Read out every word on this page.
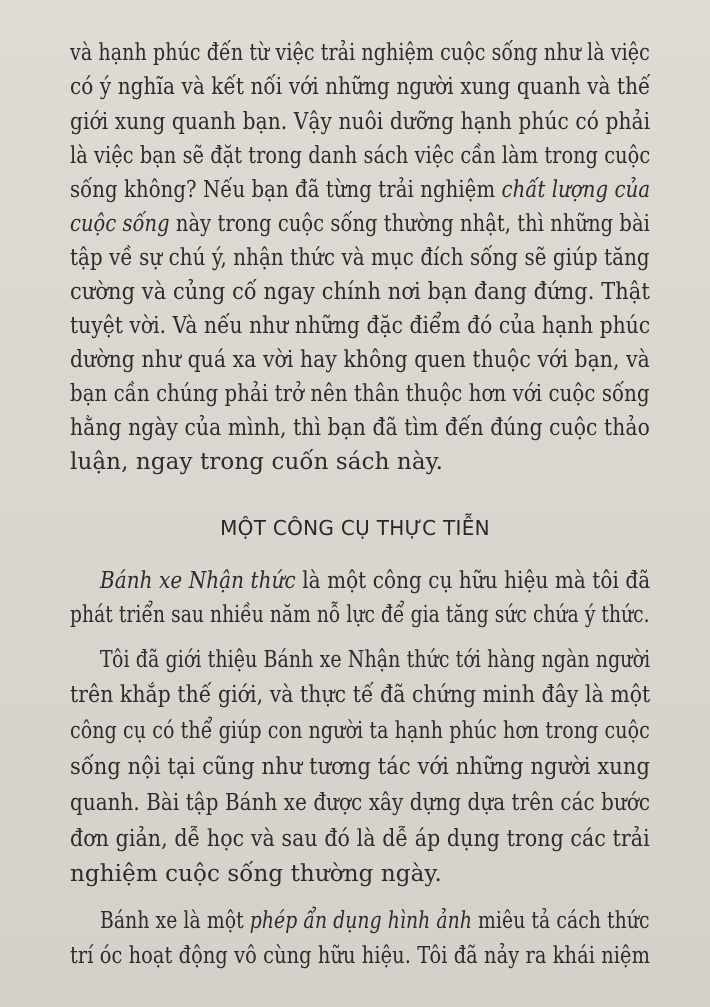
và hạnh phúc đến từ việc trải nghiệm cuộc sống như là việc
có ý nghĩa và kết nối với những người xung quanh và thế
giới xung quanh bạn. Vậy nuôi dưỡng hạnh phúc có phải
là việc bạn sẽ đặt trong danh sách việc cần làm trong cuộc
sống không? Nếu bạn đã từng trải nghiệm chất lượng của
cuộc sống này trong cuộc sống thường nhật, thì những bài
tập về sự chú ý, nhận thức và mục đích sống sẽ giúp tăng
cường và củng cố ngay chính nơi bạn đang đứng. Thật
tuyệt vời. Và nếu như những đặc điểm đó của hạnh phúc
dường như quá xa vời hay không quen thuộc với bạn, và
bạn cần chúng phải trở nên thân thuộc hơn với cuộc sống
hằng ngày của mình, thì bạn đã tìm đến đúng cuộc thảo
luận, ngay trong cuốn sách này.
MỘT CÔNG CỤ THỰC TIỄN
Bánh xe Nhận thức là một công cụ hữu hiệu mà tôi đã
phát triển sau nhiều năm nỗ lực để gia tăng sức chứa ý thức.
Tôi đã giới thiệu Bánh xe Nhận thức tới hàng ngàn người
trên khắp thế giới, và thực tế đã chứng minh đây là một
công cụ có thể giúp con người ta hạnh phúc hơn trong cuộc
sống nội tại cũng như tương tác với những người xung
quanh. Bài tập Bánh xe được xây dựng dựa trên các bước
đơn giản, dễ học và sau đó là dễ áp dụng trong các trải
nghiệm cuộc sống thường ngày.
Bánh xe là một phép ẩn dụng hình ảnh miêu tả cách thức
trí óc hoạt động vô cùng hữu hiệu. Tôi đã nảy ra khái niệm
